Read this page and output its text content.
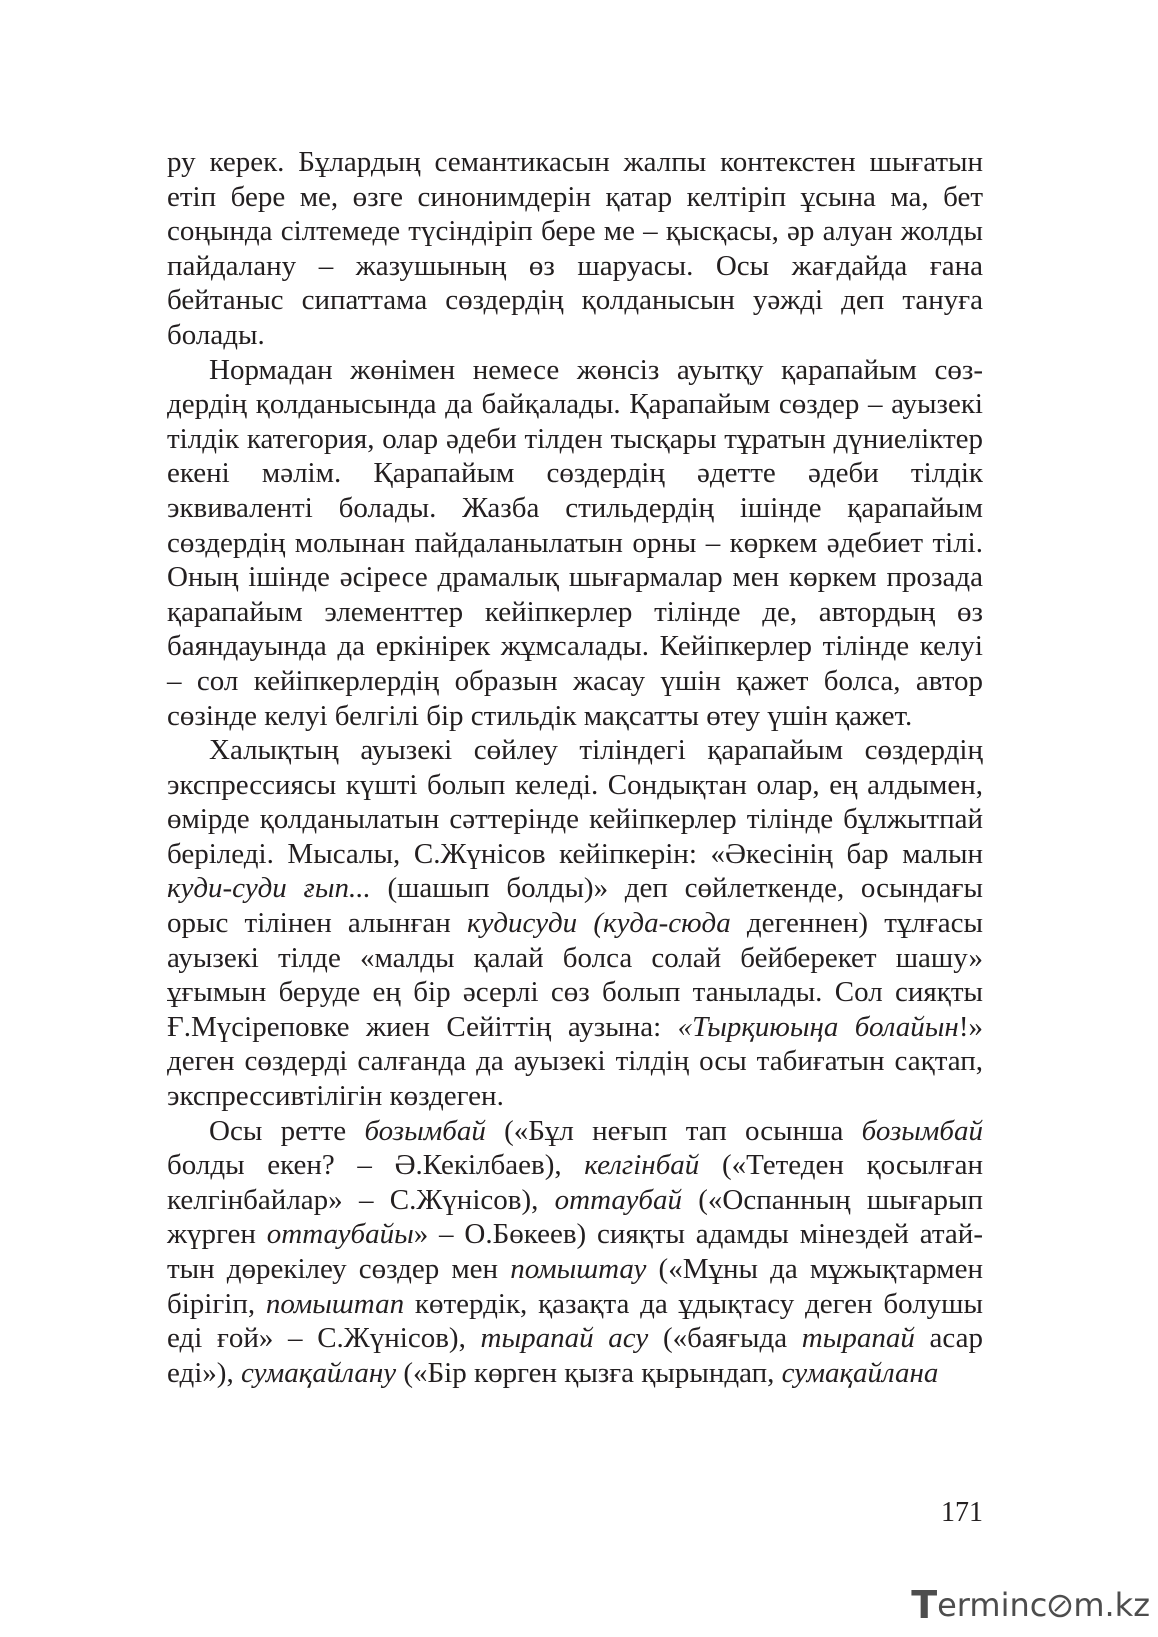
ру керек. Бұлардың семантикасын жалпы контекстен шығатын етіп бере ме, өзге синонимдерін қатар келтіріп ұсына ма, бет соңында сілтемеде түсіндіріп бере ме – қысқасы, әр алуан жолды пайдалану – жазушының өз шаруасы. Осы жағдайда ғана бейтаныс сипаттама сөздердің қолданысын уәжді деп тануға болады.

Нормадан жөнімен немесе жөнсіз ауытқу қарапайым сөздердің қолданысында да байқалады. Қарапайым сөздер – ауызекі тілдік категория, олар әдеби тілден тысқары тұратын дүниеліктер екені мәлім. Қарапайым сөздердің әдетте әдеби тілдік эквиваленті болады. Жазба стильдердің ішінде қарапайым сөздердің молынан пайдаланылатын орны – көркем әдебиет тілі. Оның ішінде әсіресе драмалық шығармалар мен көркем прозада қарапайым элементтер кейіпкерлер тілінде де, автордың өз баяндауында да еркінірек жұмсалады. Кейіпкерлер тілінде келуі – сол кейіпкерлердің образын жасау үшін қажет болса, автор сөзінде келуі белгілі бір стильдік мақсатты өтеу үшін қажет.

Халықтың ауызекі сөйлеу тіліндегі қарапайым сөздердің экспрессиясы күшті болып келеді. Сондықтан олар, ең алдымен, өмірде қолданылатын сәттерінде кейіпкерлер тілінде бұлжытпай беріледі. Мысалы, С.Жүнісов кейіпкерін: «Әкесінің бар малын куди-суди ғып... (шашып болды)» деп сөйлеткенде, осындағы орыс тілінен алынған кудисуди (куда-сюда дегеннен) тұлғасы ауызекі тілде «малды қалай болса солай бейберекет шашу» ұғымын беруде ең бір әсерлі сөз болып танылады. Сол сияқты Ғ.Мүсіреповке жиен Сейіттің аузына: «Тырқиюыңа болайын!» деген сөздерді салғанда да ауызекі тілдің осы табиғатын сақтап, экспрессивтілігін көздеген.

Осы ретте бозымбай («Бұл неғып тап осынша бозымбай болды екен? – Ә.Кекілбаев), келгінбай («Тетеден қосылған келгінбайлар» – С.Жүнісов), оттаубай («Оспанның шығарып жүрген оттаубайы» – О.Бөкеев) сияқты адамды мінездей атайтын дөрекілеу сөздер мен помыштау («Мұны да мұжықтармен бірігіп, помыштап көтердік, қазақта да ұдықтасу деген болушы еді ғой» – С.Жүнісов), тырапай асу («баяғыда тырапай асар еді»), сумақайлану («Бір көрген қызға қырындап, сумақайлана

171
T erminc m.kz
